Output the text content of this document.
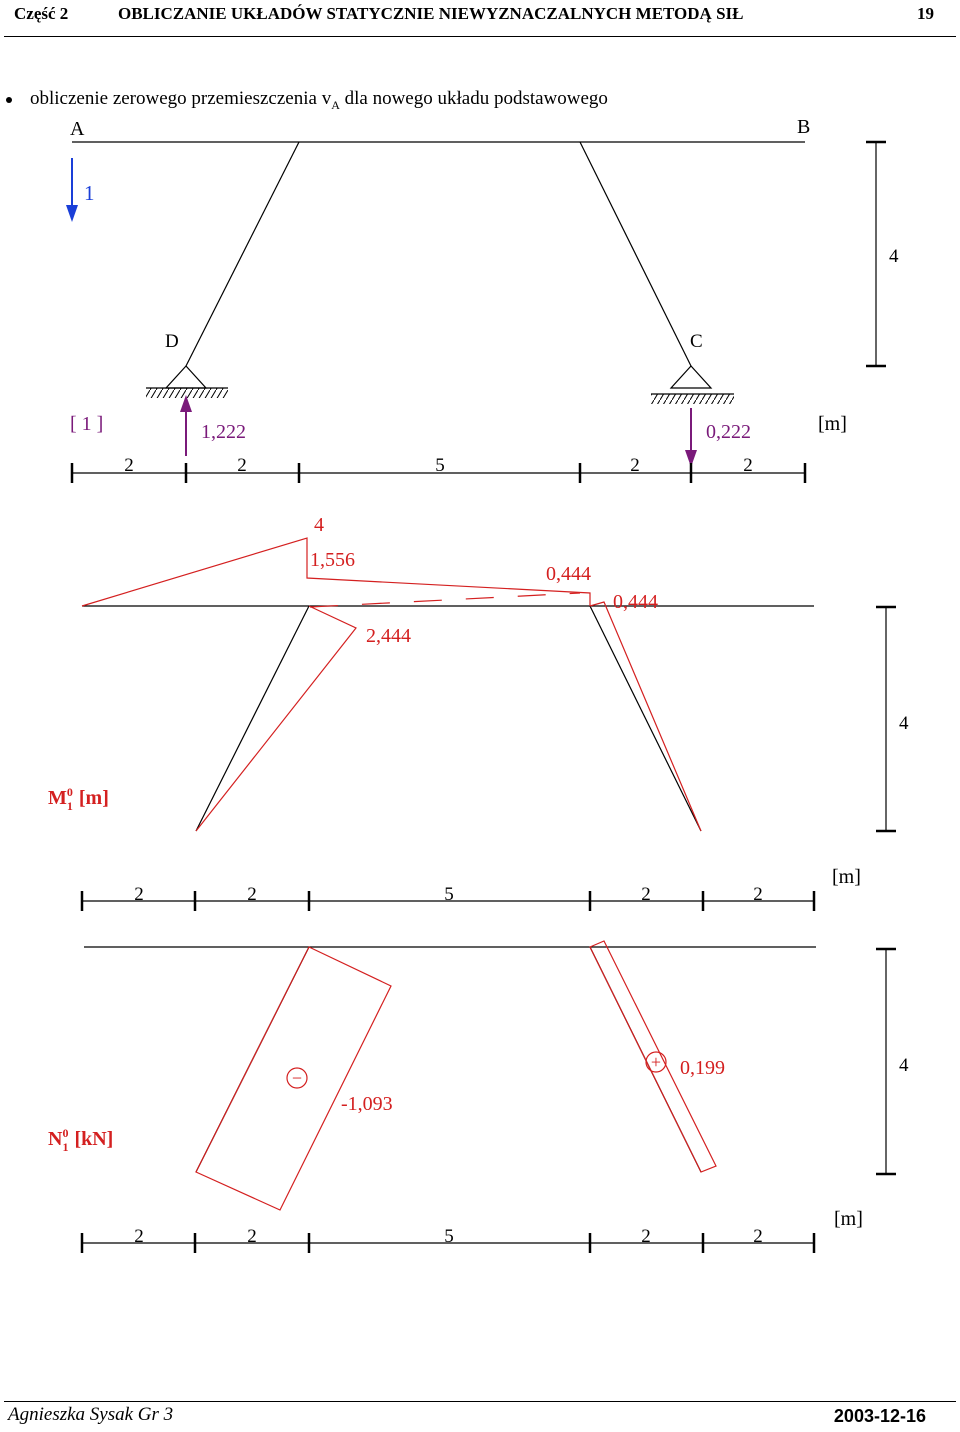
Część 2	OBLICZANIE UKŁADÓW STATYCZNIE NIEWYZNACZALNYCH METODĄ SIŁ	19
obliczenie zerowego przemieszczenia $v_A$ dla nowego układu podstawowego
A	B
D	C
1
[ 1 ]	1,222	0,222
4
[m]
2	2	5	2	2
4
1,556
0,444
0,444
2,444
$M_10$ [m]
4
[m]
2	2	5	2	2
−
+
-1,093
0,199
$N_10$ [kN]
4
[m]
2	2	5	2	2
Agnieszka Sysak Gr 3	2003-12-16
